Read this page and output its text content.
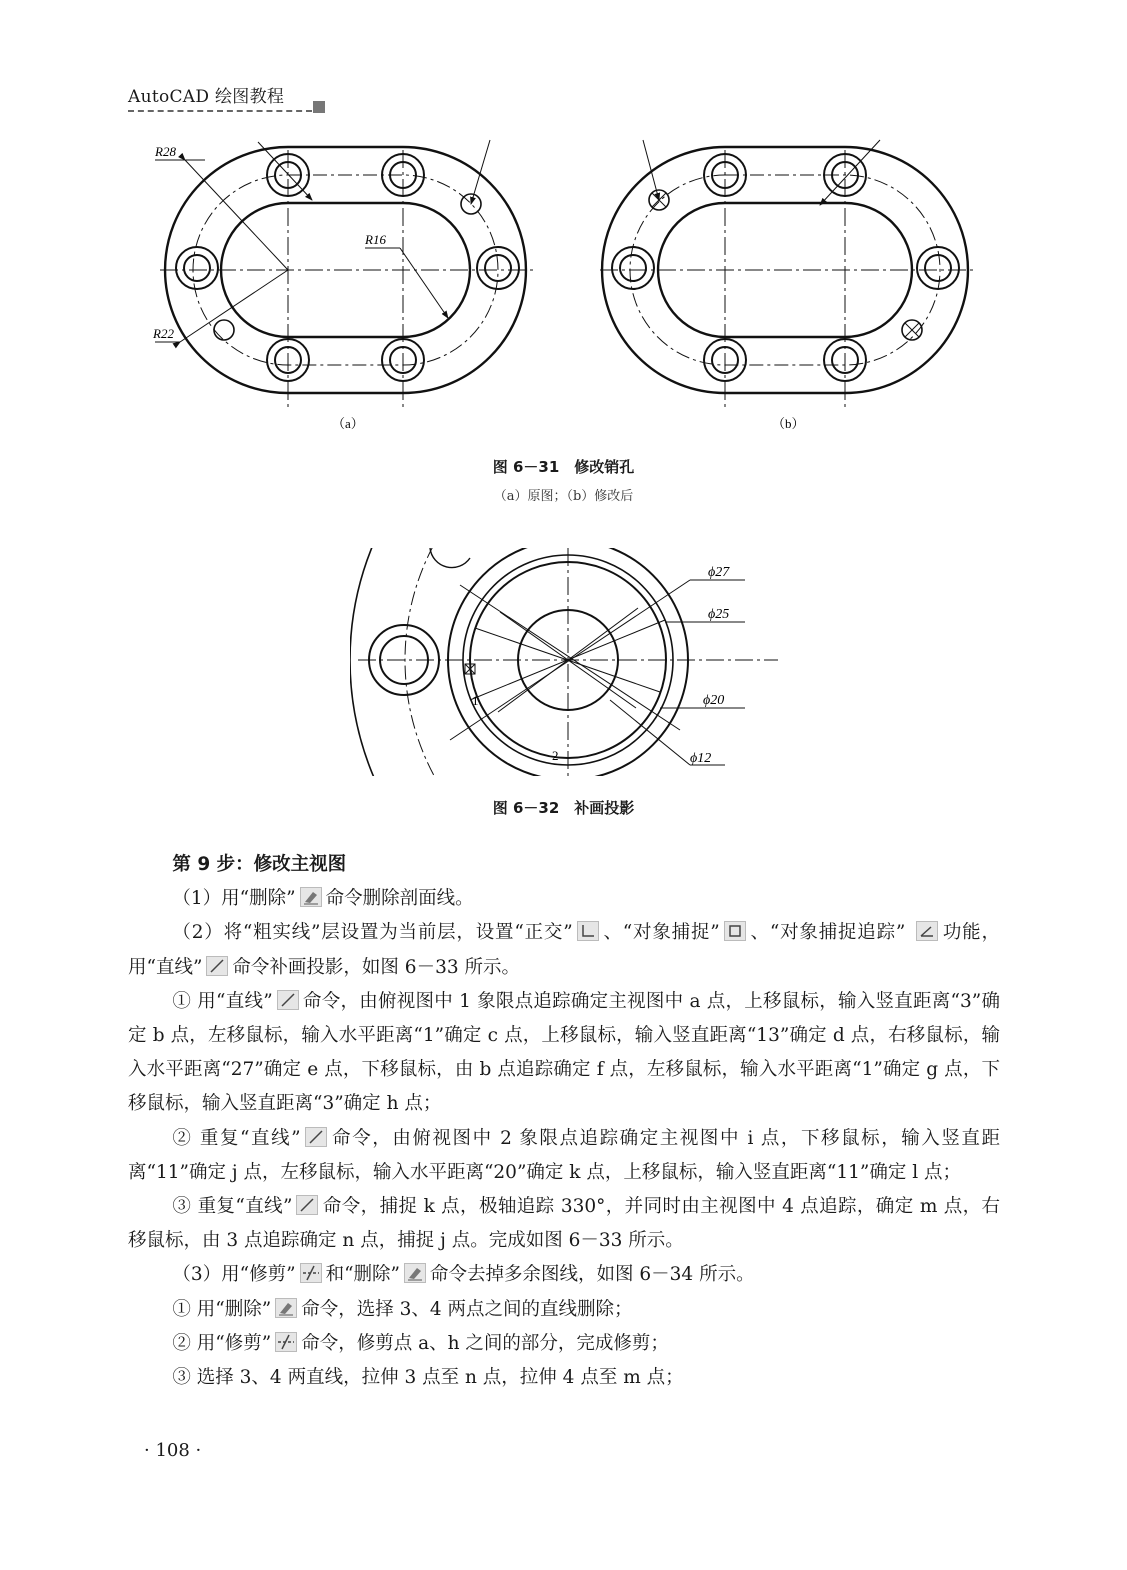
AutoCAD 绘图教程
R28
R16
R22
（a）	（b）
ϕ27
ϕ25
ϕ20
ϕ12
1
2
图 6－31　修改销孔
（a）原图；（b）修改后
图 6－32　补画投影

第 9 步：修改主视图

（1）用“删除” 命令删除剖面线。

（2）将“粗实线”层设置为当前层，设置“正交” 、“对象捕捉” 、“对象捕捉追踪” 功能，用“直线” 命令补画投影，如图 6－33 所示。

① 用“直线” 命令，由俯视图中 1 象限点追踪确定主视图中 a 点，上移鼠标，输入竖直距离“3”确定 b 点，左移鼠标，输入水平距离“1”确定 c 点，上移鼠标，输入竖直距离“13”确定 d 点，右移鼠标，输入水平距离“27”确定 e 点，下移鼠标，由 b 点追踪确定 f 点，左移鼠标，输入水平距离“1”确定 g 点，下移鼠标，输入竖直距离“3”确定 h 点；

② 重复“直线” 命令，由俯视图中 2 象限点追踪确定主视图中 i 点，下移鼠标，输入竖直距离“11”确定 j 点，左移鼠标，输入水平距离“20”确定 k 点，上移鼠标，输入竖直距离“11”确定 l 点；

③ 重复“直线” 命令，捕捉 k 点，极轴追踪 330°，并同时由主视图中 4 点追踪，确定 m 点，右移鼠标，由 3 点追踪确定 n 点，捕捉 j 点。完成如图 6－33 所示。

（3）用“修剪” 和“删除” 命令去掉多余图线，如图 6－34 所示。

① 用“删除” 命令，选择 3、4 两点之间的直线删除；

② 用“修剪” 命令，修剪点 a、h 之间的部分，完成修剪；

③ 选择 3、4 两直线，拉伸 3 点至 n 点，拉伸 4 点至 m 点；

· 108 ·
